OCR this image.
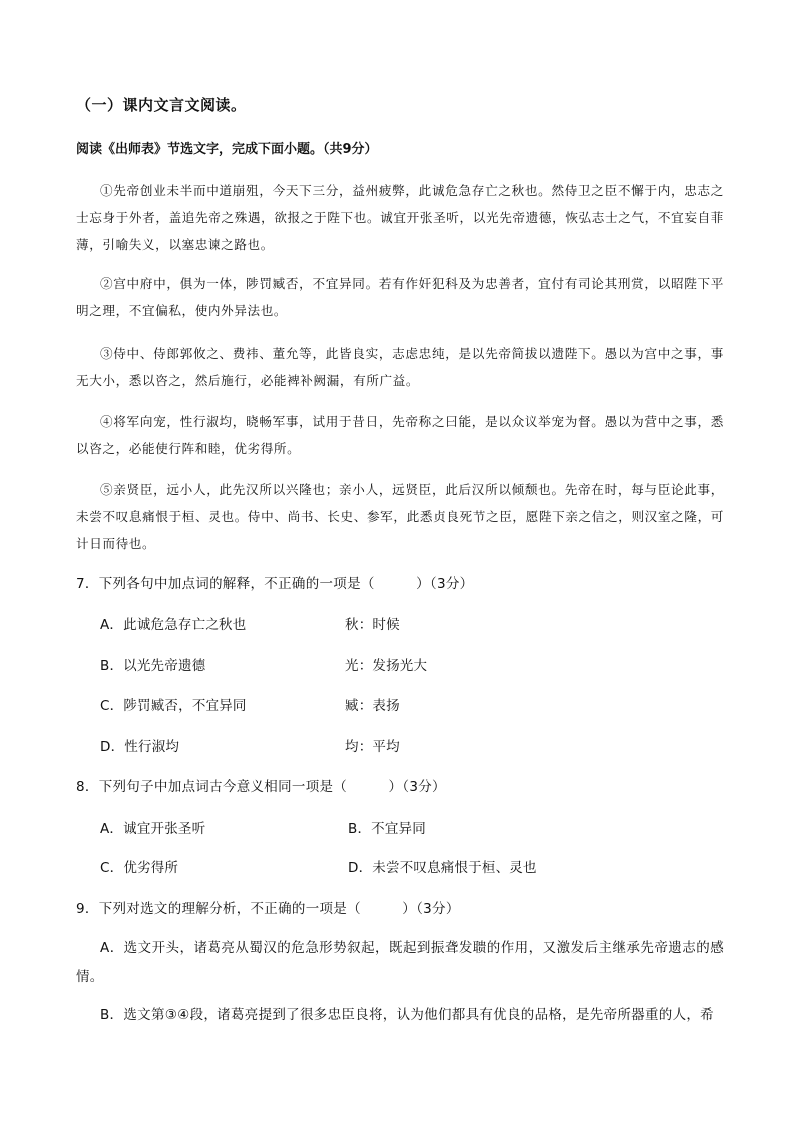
（一）课内文言文阅读。
阅读《出师表》节选文字，完成下面小题。（共9分）
①先帝创业未半而中道崩殂，今天下三分，益州疲弊，此诚危急存亡之秋也。然侍卫之臣不懈于内，忠志之士忘身于外者，盖追先帝之殊遇，欲报之于陛下也。诚宜开张圣听，以光先帝遗德，恢弘志士之气，不宜妄自菲薄，引喻失义，以塞忠谏之路也。
②宫中府中，俱为一体，陟罚臧否，不宜异同。若有作奸犯科及为忠善者，宜付有司论其刑赏，以昭陛下平明之理，不宜偏私，使内外异法也。
③侍中、侍郎郭攸之、费祎、董允等，此皆良实，志虑忠纯，是以先帝简拔以遗陛下。愚以为宫中之事，事无大小，悉以咨之，然后施行，必能裨补阙漏，有所广益。
④将军向宠，性行淑均，晓畅军事，试用于昔日，先帝称之曰能，是以众议举宠为督。愚以为营中之事，悉以咨之，必能使行阵和睦，优劣得所。
⑤亲贤臣，远小人，此先汉所以兴隆也；亲小人，远贤臣，此后汉所以倾颓也。先帝在时，每与臣论此事，未尝不叹息痛恨于桓、灵也。侍中、尚书、长史、参军，此悉贞良死节之臣，愿陛下亲之信之，则汉室之隆，可计日而待也。
7．下列各句中加点词的解释，不正确的一项是（　　　）（3分）
A．此诚危急存亡之秋也	秋：时候
B．以光先帝遗德	光：发扬光大
C．陟罚臧否，不宜异同	臧：表扬
D．性行淑均	均：平均
8．下列句子中加点词古今意义相同一项是（　　　）（3分）
A．诚宜开张圣听	B．不宜异同
C．优劣得所	D．未尝不叹息痛恨于桓、灵也
9．下列对选文的理解分析，不正确的一项是（　　　）（3分）
A．选文开头，诸葛亮从蜀汉的危急形势叙起，既起到振聋发聩的作用，又激发后主继承先帝遗志的感情。
B．选文第③④段，诸葛亮提到了很多忠臣良将，认为他们都具有优良的品格，是先帝所器重的人，希
